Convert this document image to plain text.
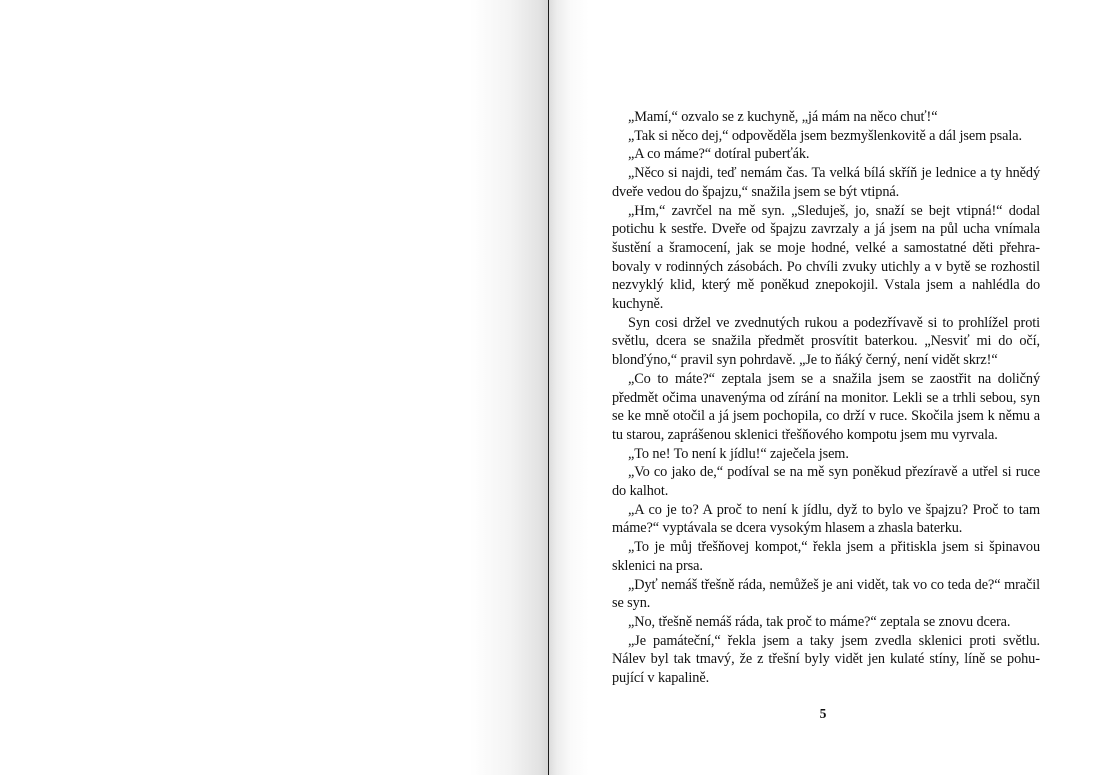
„Mamí,“ ozvalo se z kuchyně, „já mám na něco chuť!“

„Tak si něco dej,“ odpověděla jsem bezmyšlenkovitě a dál jsem psala.

„A co máme?“ dotíral puberťák.

„Něco si najdi, teď nemám čas. Ta velká bílá skříň je lednice a ty hnědý dveře vedou do špajzu,“ snažila jsem se být vtipná.

„Hm,“ zavrčel na mě syn. „Sleduješ, jo, snaží se bejt vtipná!“ dodal potichu k sestře. Dveře od špajzu zavrzaly a já jsem na půl ucha vnímala šustění a šramocení, jak se moje hodné, velké a samostatné děti přehrabovaly v rodinných zásobách. Po chvíli zvuky utichly a v bytě se rozhostil nezvyklý klid, který mě poněkud znepokojil. Vstala jsem a nahlédla do kuchyně.

Syn cosi držel ve zvednutých rukou a podezřívavě si to prohlížel proti světlu, dcera se snažila předmět prosvítit baterkou. „Nesviť mi do očí, blonďýno,“ pravil syn pohrdavě. „Je to ňáký černý, není vidět skrz!“

„Co to máte?“ zeptala jsem se a snažila jsem se zaostřit na doličný předmět očima unavenýma od zírání na monitor. Lekli se a trhli sebou, syn se ke mně otočil a já jsem pochopila, co drží v ruce. Skočila jsem k němu a tu starou, zaprášenou sklenici třešňového kompotu jsem mu vyrvala.

„To ne! To není k jídlu!“ zaječela jsem.

„Vo co jako de,“ podíval se na mě syn poněkud přezíravě a utřel si ruce do kalhot.

„A co je to? A proč to není k jídlu, dyž to bylo ve špajzu? Proč to tam máme?“ vyptávala se dcera vysokým hlasem a zhasla baterku.

„To je můj třešňovej kompot,“ řekla jsem a přitiskla jsem si špinavou sklenici na prsa.

„Dyť nemáš třešně ráda, nemůžeš je ani vidět, tak vo co teda de?“ mračil se syn.

„No, třešně nemáš ráda, tak proč to máme?“ zeptala se znovu dcera.

„Je památeční,“ řekla jsem a taky jsem zvedla sklenici proti světlu. Nálev byl tak tmavý, že z třešní byly vidět jen kulaté stíny, líně se pohupující v kapalině.

5
